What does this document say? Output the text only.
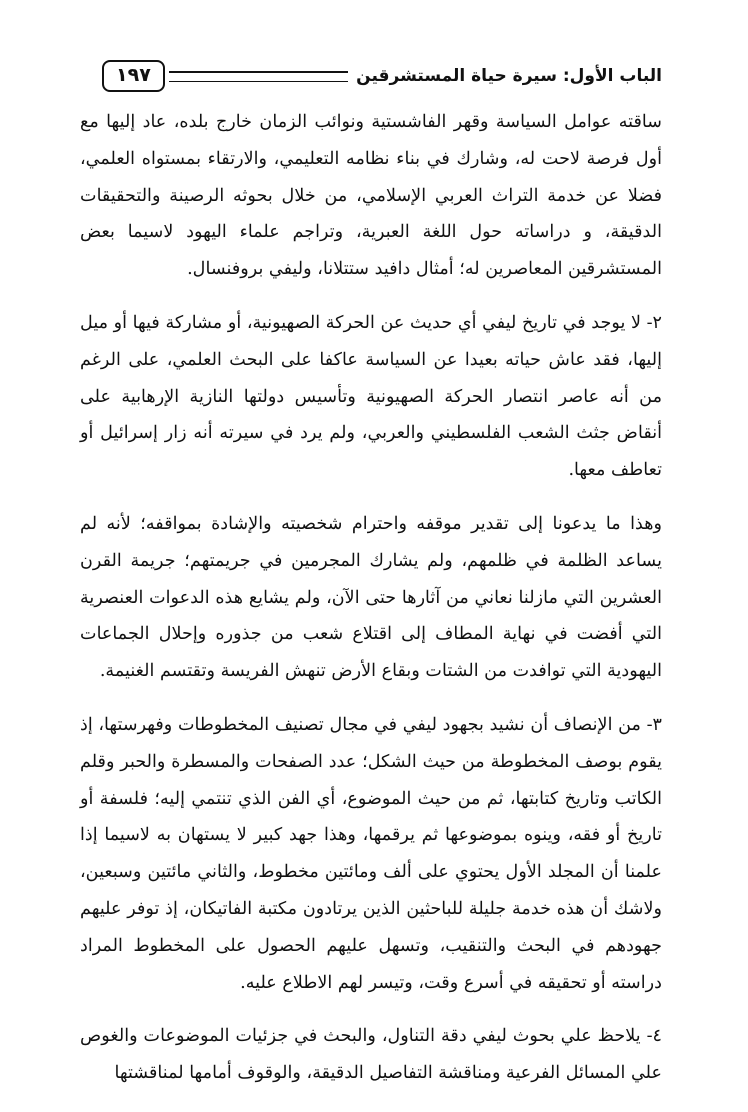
الباب الأول: سيرة حياة المستشرقين
١٩٧

ساقته عوامل السياسة وقهر الفاشستية ونوائب الزمان خارج بلده، عاد إليها مع أول فرصة لاحت له، وشارك في بناء نظامه التعليمي، والارتقاء بمستواه العلمي، فضلا عن خدمة التراث العربي الإسلامي، من خلال بحوثه الرصينة والتحقيقات الدقيقة، و دراساته حول اللغة العبرية، وتراجم علماء اليهود لاسيما بعض المستشرقين المعاصرين له؛ أمثال دافيد ستتلانا، وليفي بروفنسال.

٢- لا يوجد في تاريخ ليفي أي حديث عن الحركة الصهيونية، أو مشاركة فيها أو ميل إليها، فقد عاش حياته بعيدا عن السياسة عاكفا على البحث العلمي، على الرغم من أنه عاصر انتصار الحركة الصهيونية وتأسيس دولتها النازية الإرهابية على أنقاض جثث الشعب الفلسطيني والعربي، ولم يرد في سيرته أنه زار إسرائيل أو تعاطف معها.

وهذا ما يدعونا إلى تقدير موقفه واحترام شخصيته والإشادة بمواقفه؛ لأنه لم يساعد الظلمة في ظلمهم، ولم يشارك المجرمين في جريمتهم؛ جريمة القرن العشرين التي مازلنا نعاني من آثارها حتى الآن، ولم يشايع هذه الدعوات العنصرية التي أفضت في نهاية المطاف إلى اقتلاع شعب من جذوره وإحلال الجماعات اليهودية التي توافدت من الشتات وبقاع الأرض تنهش الفريسة وتقتسم الغنيمة.

٣- من الإنصاف أن نشيد بجهود ليفي في مجال تصنيف المخطوطات وفهرستها، إذ يقوم بوصف المخطوطة من حيث الشكل؛ عدد الصفحات والمسطرة والحبر وقلم الكاتب وتاريخ كتابتها، ثم من حيث الموضوع، أي الفن الذي تنتمي إليه؛ فلسفة أو تاريخ أو فقه، وينوه بموضوعها ثم يرقمها، وهذا جهد كبير لا يستهان به لاسيما إذا علمنا أن المجلد الأول يحتوي على ألف ومائتين مخطوط، والثاني مائتين وسبعين، ولاشك أن هذه خدمة جليلة للباحثين الذين يرتادون مكتبة الفاتيكان، إذ توفر عليهم جهودهم في البحث والتنقيب، وتسهل عليهم الحصول على المخطوط المراد دراسته أو تحقيقه في أسرع وقت، وتيسر لهم الاطلاع عليه.

٤- يلاحظ علي بحوث ليفي دقة التناول، والبحث في جزئيات الموضوعات والغوص علي المسائل الفرعية ومناقشة التفاصيل الدقيقة، والوقوف أمامها لمناقشتها
